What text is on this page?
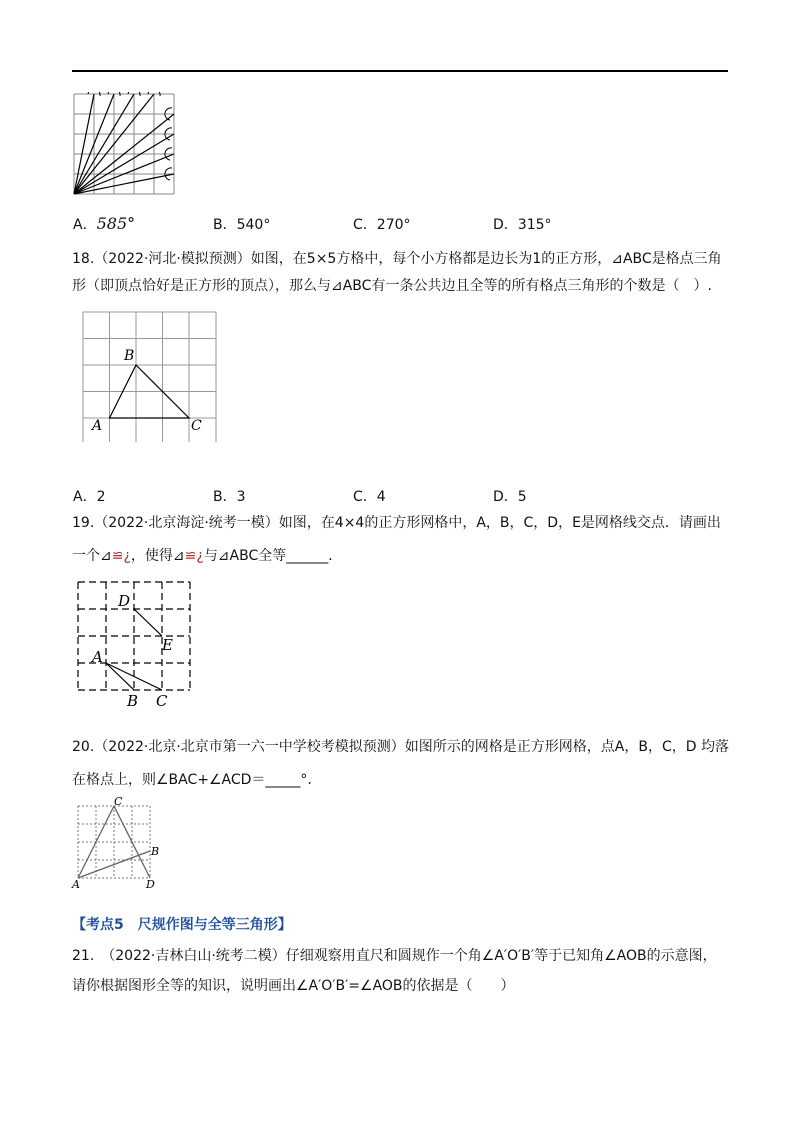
A．585°	B．540°	C．270°	D．315°
18.（2022·河北·模拟预测）如图，在5×5方格中，每个小方格都是边长为1的正方形，⊿ABC是格点三角
形（即顶点恰好是正方形的顶点），那么与⊿ABC有一条公共边且全等的所有格点三角形的个数是（　）.
B
A	C
A．2	B．3	C．4	D．5
19.（2022·北京海淀·统考一模）如图，在4×4的正方形网格中，A，B，C，D，E是网格线交点．请画出
一个⊿≌¿，使得⊿≌¿与⊿ABC全等______．
D
E
A
B C
20.（2022·北京·北京市第一六一中学校考模拟预测）如图所示的网格是正方形网格，点A，B，C，D 均落
在格点上，则∠BAC+∠ACD＝_____°.
C
B
A	D
【考点5　尺规作图与全等三角形】
21.　（2022·吉林白山·统考二模）仔细观察用直尺和圆规作一个角∠A′O′B′等于已知角∠AOB的示意图，
请你根据图形全等的知识，说明画出∠A′O′B′=∠AOB的依据是（　　）
